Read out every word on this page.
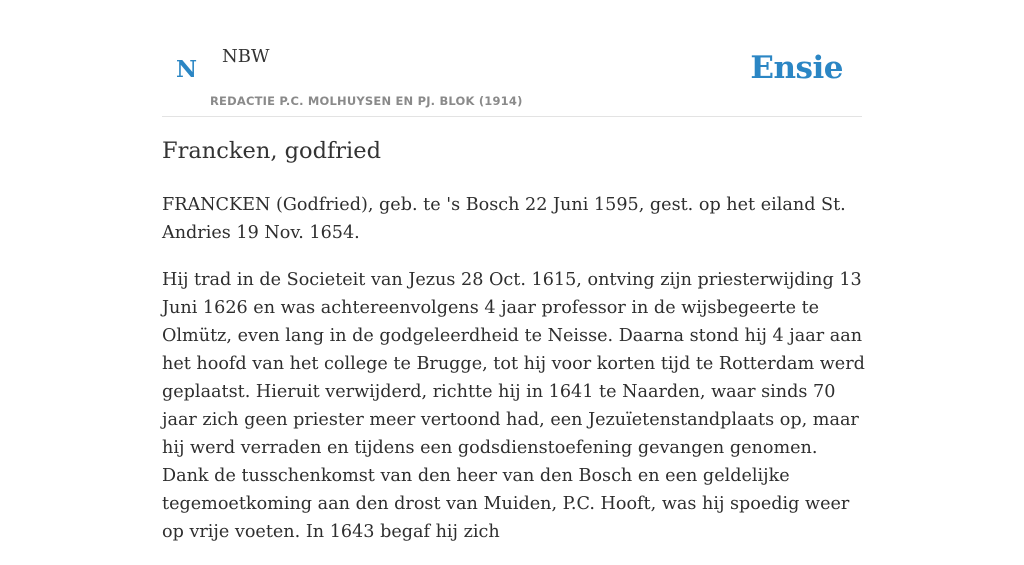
N NBW
REDACTIE P.C. MOLHUYSEN EN PJ. BLOK (1914)
Ensie
Francken, godfried

FRANCKEN (Godfried), geb. te 's Bosch 22 Juni 1595, gest. op het eiland St. Andries 19 Nov. 1654.

Hij trad in de Societeit van Jezus 28 Oct. 1615, ontving zijn priesterwijding 13 Juni 1626 en was achtereenvolgens 4 jaar professor in de wijsbegeerte te Olmütz, even lang in de godgeleerdheid te Neisse. Daarna stond hij 4 jaar aan het hoofd van het college te Brugge, tot hij voor korten tijd te Rotterdam werd geplaatst. Hieruit verwijderd, richtte hij in 1641 te Naarden, waar sinds 70 jaar zich geen priester meer vertoond had, een Jezuïetenstandplaats op, maar hij werd verraden en tijdens een godsdienstoefening gevangen genomen. Dank de tusschenkomst van den heer van den Bosch en een geldelijke tegemoetkoming aan den drost van Muiden, P.C. Hooft, was hij spoedig weer op vrije voeten. In 1643 begaf hij zich
